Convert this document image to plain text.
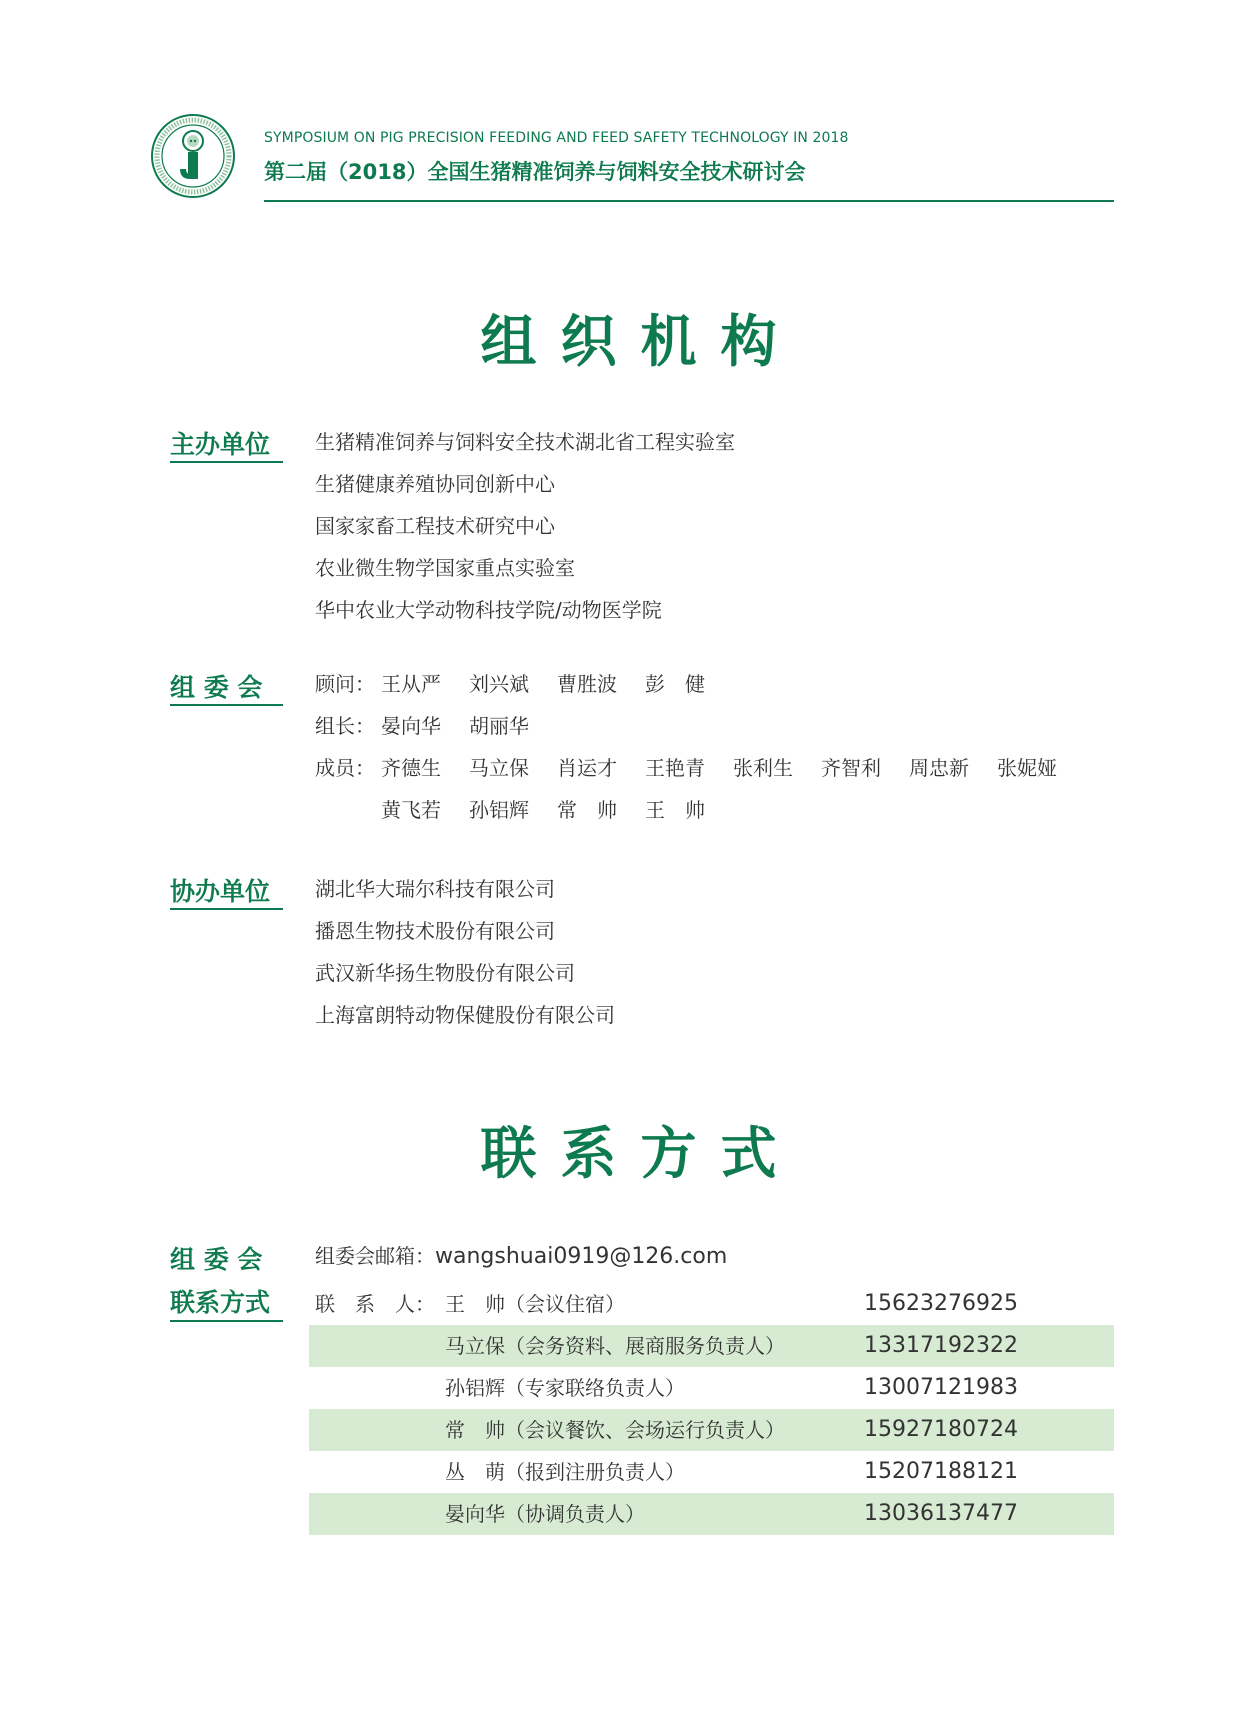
SYMPOSIUM ON PIG PRECISION FEEDING AND FEED SAFETY TECHNOLOGY IN 2018
第二届（2018）全国生猪精准饲养与饲料安全技术研讨会
组织机构
主办单位	生猪精准饲养与饲料安全技术湖北省工程实验室
生猪健康养殖协同创新中心
国家家畜工程技术研究中心
农业微生物学国家重点实验室
华中农业大学动物科技学院/动物医学院
组 委 会	顾问： 王从严	刘兴斌	曹胜波	彭　健
组长： 晏向华	胡丽华
成员： 齐德生	马立保	肖运才	王艳青	张利生	齐智利	周忠新	张妮娅
黄飞若	孙铝辉	常　帅	王　帅
协办单位	湖北华大瑞尔科技有限公司
播恩生物技术股份有限公司
武汉新华扬生物股份有限公司
上海富朗特动物保健股份有限公司
联系方式
组 委 会
联系方式
组委会邮箱：wangshuai0919@126.com
联　系　人： 王　帅（会议住宿）	15623276925
马立保（会务资料、展商服务负责人）	13317192322
孙铝辉（专家联络负责人）	13007121983
常　帅（会议餐饮、会场运行负责人）	15927180724
丛　萌（报到注册负责人）	15207188121
晏向华（协调负责人）	13036137477
